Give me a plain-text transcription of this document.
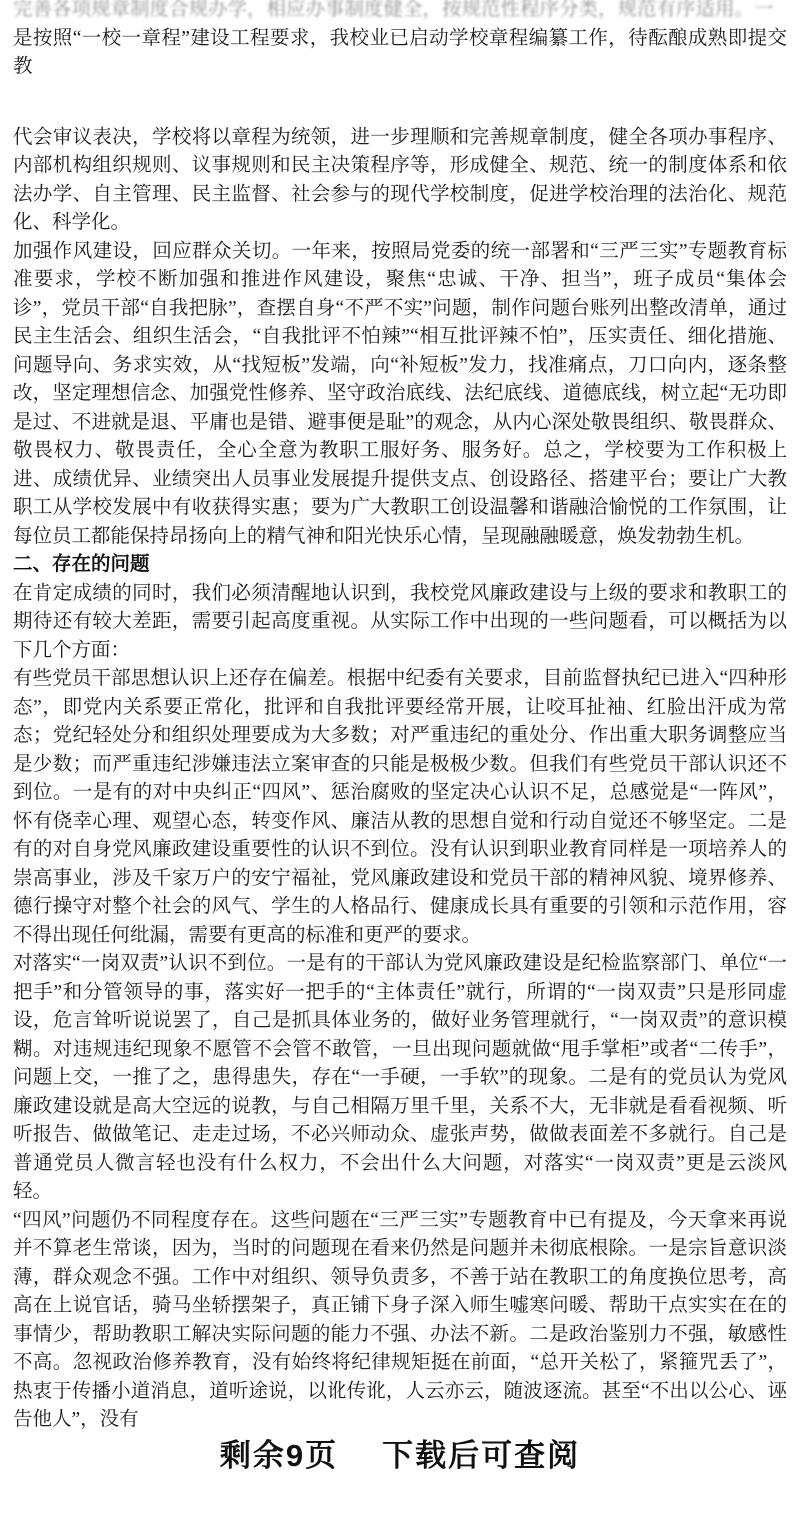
完善各项规章制度合规办学，相应办事制度健全，按规范性程序分类，规范有序适用。一

是按照“一校一章程”建设工程要求，我校业已启动学校章程编纂工作，待酝酿成熟即提交教

代会审议表决，学校将以章程为统领，进一步理顺和完善规章制度，健全各项办事程序、内部机构组织规则、议事规则和民主决策程序等，形成健全、规范、统一的制度体系和依法办学、自主管理、民主监督、社会参与的现代学校制度，促进学校治理的法治化、规范化、科学化。

加强作风建设，回应群众关切。一年来，按照局党委的统一部署和“三严三实”专题教育标准要求，学校不断加强和推进作风建设，聚焦“忠诚、干净、担当”，班子成员“集体会诊”，党员干部“自我把脉”，查摆自身“不严不实”问题，制作问题台账列出整改清单，通过民主生活会、组织生活会，“自我批评不怕辣”“相互批评辣不怕”，压实责任、细化措施、问题导向、务求实效，从“找短板”发端，向“补短板”发力，找准痛点，刀口向内，逐条整改，坚定理想信念、加强党性修养、坚守政治底线、法纪底线、道德底线，树立起“无功即是过、不进就是退、平庸也是错、避事便是耻”的观念，从内心深处敬畏组织、敬畏群众、敬畏权力、敬畏责任，全心全意为教职工服好务、服务好。总之，学校要为工作积极上进、成绩优异、业绩突出人员事业发展提升提供支点、创设路径、搭建平台；要让广大教职工从学校发展中有收获得实惠；要为广大教职工创设温馨和谐融洽愉悦的工作氛围，让每位员工都能保持昂扬向上的精气神和阳光快乐心情，呈现融融暖意，焕发勃勃生机。

二、存在的问题

在肯定成绩的同时，我们必须清醒地认识到，我校党风廉政建设与上级的要求和教职工的期待还有较大差距，需要引起高度重视。从实际工作中出现的一些问题看，可以概括为以下几个方面：

有些党员干部思想认识上还存在偏差。根据中纪委有关要求，目前监督执纪已进入“四种形态”，即党内关系要正常化，批评和自我批评要经常开展，让咬耳扯袖、红脸出汗成为常态；党纪轻处分和组织处理要成为大多数；对严重违纪的重处分、作出重大职务调整应当是少数；而严重违纪涉嫌违法立案审查的只能是极极少数。但我们有些党员干部认识还不到位。一是有的对中央纠正“四风”、惩治腐败的坚定决心认识不足，总感觉是“一阵风”，怀有侥幸心理、观望心态，转变作风、廉洁从教的思想自觉和行动自觉还不够坚定。二是有的对自身党风廉政建设重要性的认识不到位。没有认识到职业教育同样是一项培养人的崇高事业，涉及千家万户的安宁福祉，党风廉政建设和党员干部的精神风貌、境界修养、德行操守对整个社会的风气、学生的人格品行、健康成长具有重要的引领和示范作用，容不得出现任何纰漏，需要有更高的标准和更严的要求。

对落实“一岗双责”认识不到位。一是有的干部认为党风廉政建设是纪检监察部门、单位“一把手”和分管领导的事，落实好一把手的“主体责任”就行，所谓的“一岗双责”只是形同虚设，危言耸听说说罢了，自己是抓具体业务的，做好业务管理就行，“一岗双责”的意识模糊。对违规违纪现象不愿管不会管不敢管，一旦出现问题就做“甩手掌柜”或者“二传手”，问题上交，一推了之，患得患失，存在“一手硬，一手软”的现象。二是有的党员认为党风廉政建设就是高大空远的说教，与自己相隔万里千里，关系不大，无非就是看看视频、听听报告、做做笔记、走走过场，不必兴师动众、虚张声势，做做表面差不多就行。自己是普通党员人微言轻也没有什么权力，不会出什么大问题，对落实“一岗双责”更是云淡风轻。

“四风”问题仍不同程度存在。这些问题在“三严三实”专题教育中已有提及，今天拿来再说并不算老生常谈，因为，当时的问题现在看来仍然是问题并未彻底根除。一是宗旨意识淡薄，群众观念不强。工作中对组织、领导负责多，不善于站在教职工的角度换位思考，高高在上说官话，骑马坐轿摆架子，真正铺下身子深入师生嘘寒问暖、帮助干点实实在在的事情少，帮助教职工解决实际问题的能力不强、办法不新。二是政治鉴别力不强，敏感性不高。忽视政治修养教育，没有始终将纪律规矩挺在前面，“总开关松了，紧箍咒丢了”，热衷于传播小道消息，道听途说，以讹传讹，人云亦云，随波逐流。甚至“不出以公心、诬告他人”，没有

剩余9页 下载后可查阅
